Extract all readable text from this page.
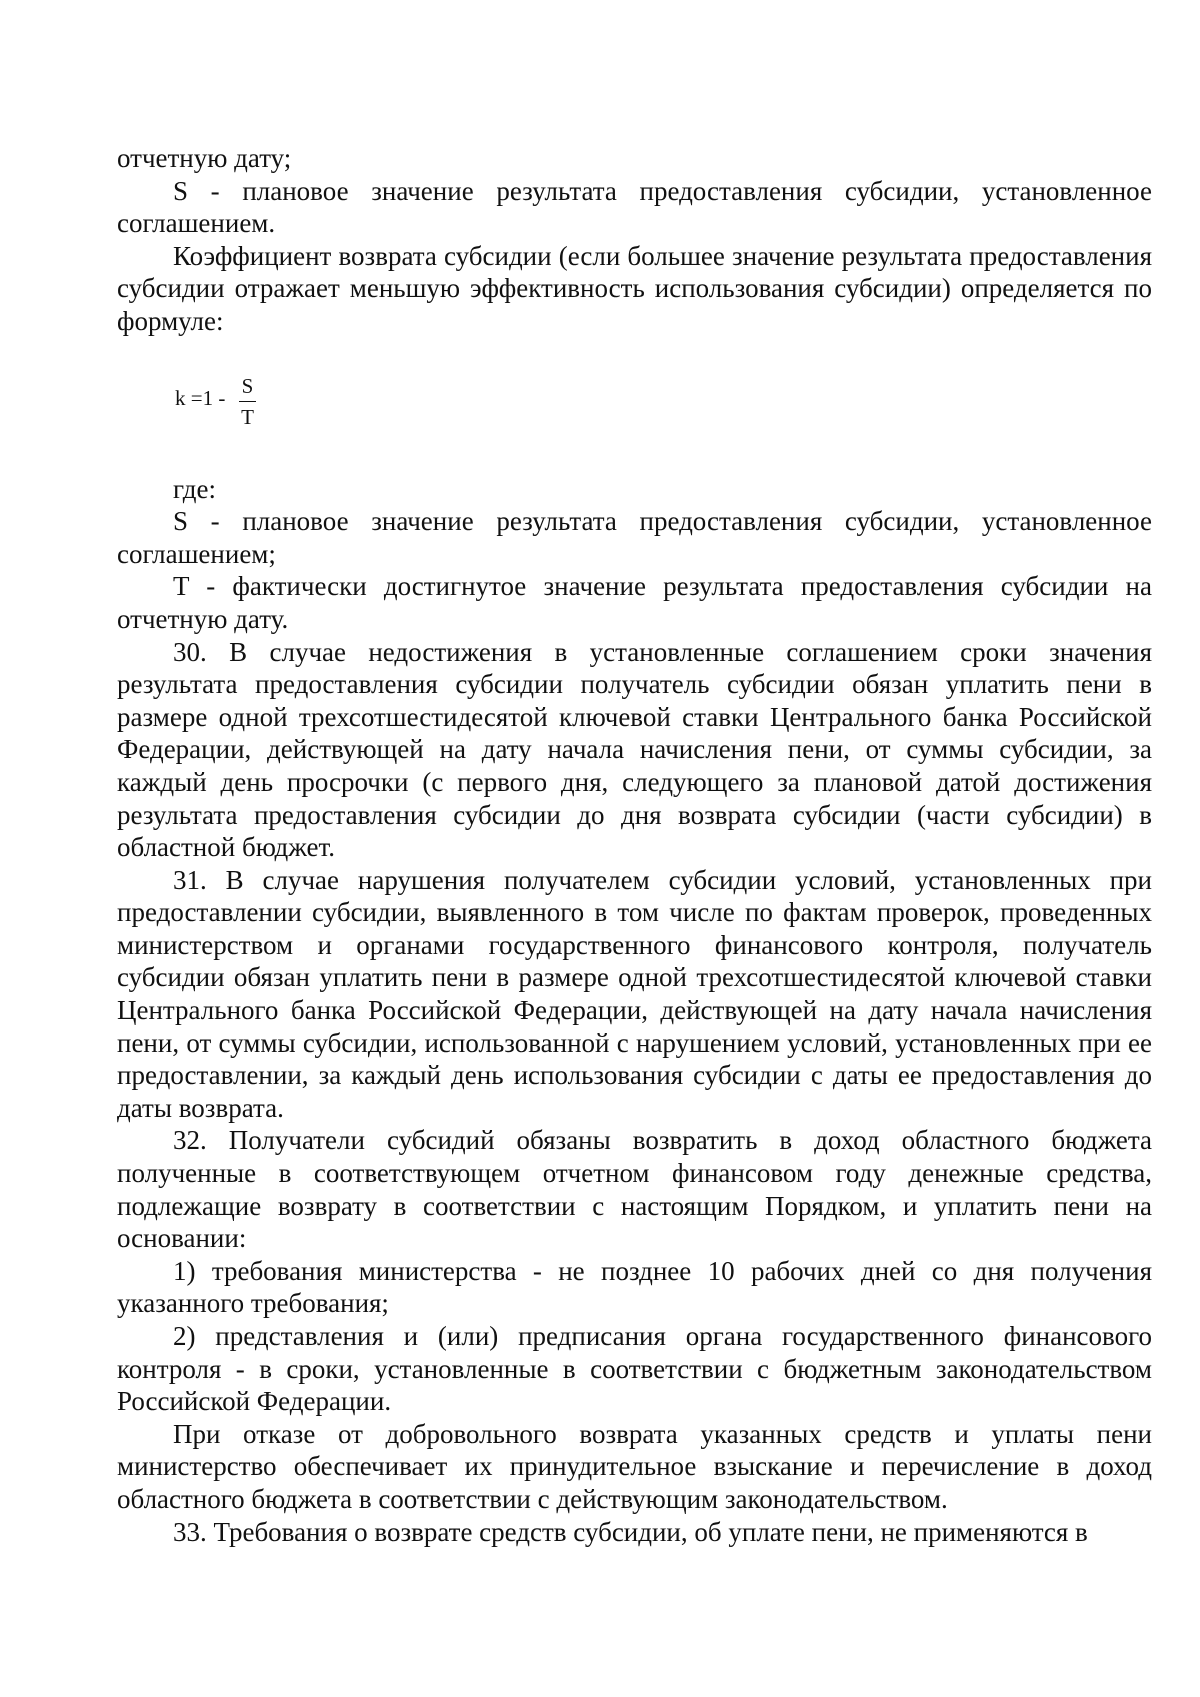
отчетную дату;

S - плановое значение результата предоставления субсидии, установленное соглашением.

Коэффициент возврата субсидии (если большее значение результата предоставления субсидии отражает меньшую эффективность использования субсидии) определяется по формуле:

k =1 - S
T

где:

S - плановое значение результата предоставления субсидии, установленное соглашением;

T - фактически достигнутое значение результата предоставления субсидии на отчетную дату.

30. В случае недостижения в установленные соглашением сроки значения результата предоставления субсидии получатель субсидии обязан уплатить пени в размере одной трехсотшестидесятой ключевой ставки Центрального банка Российской Федерации, действующей на дату начала начисления пени, от суммы субсидии, за каждый день просрочки (с первого дня, следующего за плановой датой достижения результата предоставления субсидии до дня возврата субсидии (части субсидии) в областной бюджет.

31. В случае нарушения получателем субсидии условий, установленных при предоставлении субсидии, выявленного в том числе по фактам проверок, проведенных министерством и органами государственного финансового контроля, получатель субсидии обязан уплатить пени в размере одной трехсотшестидесятой ключевой ставки Центрального банка Российской Федерации, действующей на дату начала начисления пени, от суммы субсидии, использованной с нарушением условий, установленных при ее предоставлении, за каждый день использования субсидии с даты ее предоставления до даты возврата.

32. Получатели субсидий обязаны возвратить в доход областного бюджета полученные в соответствующем отчетном финансовом году денежные средства, подлежащие возврату в соответствии с настоящим Порядком, и уплатить пени на основании:

1) требования министерства - не позднее 10 рабочих дней со дня получения указанного требования;

2) представления и (или) предписания органа государственного финансового контроля - в сроки, установленные в соответствии с бюджетным законодательством Российской Федерации.

При отказе от добровольного возврата указанных средств и уплаты пени министерство обеспечивает их принудительное взыскание и перечисление в доход областного бюджета в соответствии с действующим законодательством.

33. Требования о возврате средств субсидии, об уплате пени, не применяются в
